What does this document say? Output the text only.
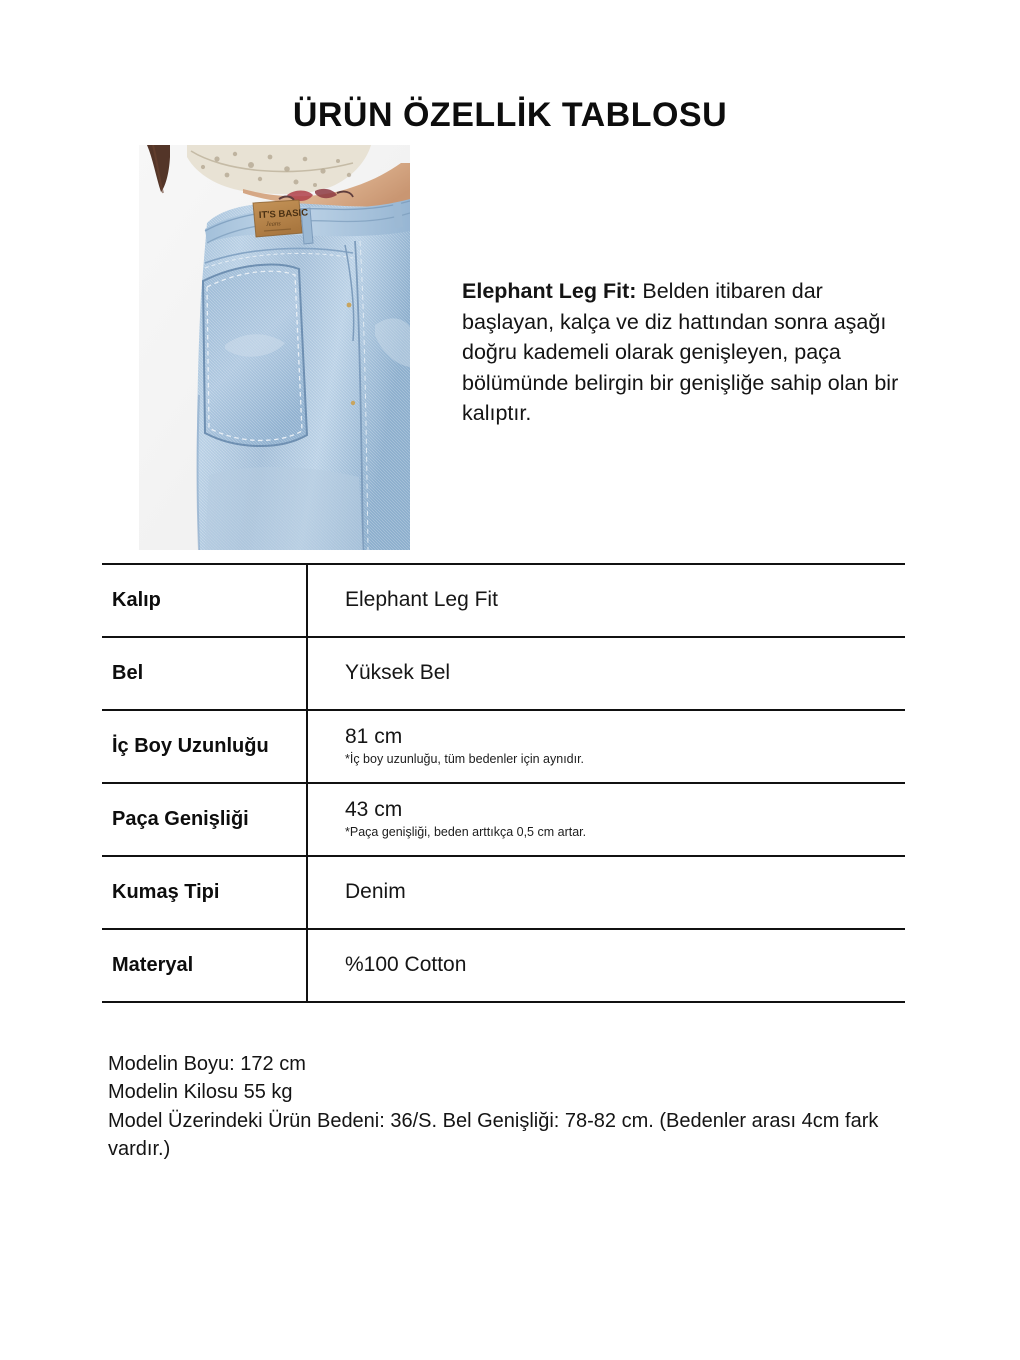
ÜRÜN ÖZELLİK TABLOSU
IT'S BASIC
Jeans
Elephant Leg Fit: Belden itibaren dar başlayan, kalça ve diz hattından sonra aşağı doğru kademeli olarak genişleyen, paça bölümünde belirgin bir genişliğe sahip olan bir kalıptır.
Kalıp	Elephant Leg Fit

Bel	Yüksek Bel

İç Boy Uzunluğu	81 cm
*İç boy uzunluğu, tüm bedenler için aynıdır.

Paça Genişliği	43 cm
*Paça genişliği, beden arttıkça 0,5 cm artar.

Kumaş Tipi	Denim

Materyal	%100 Cotton

Modelin Boyu: 172 cm

Modelin Kilosu 55 kg

Model Üzerindeki Ürün Bedeni: 36/S. Bel Genişliği: 78-82 cm. (Bedenler arası 4cm fark vardır.)
